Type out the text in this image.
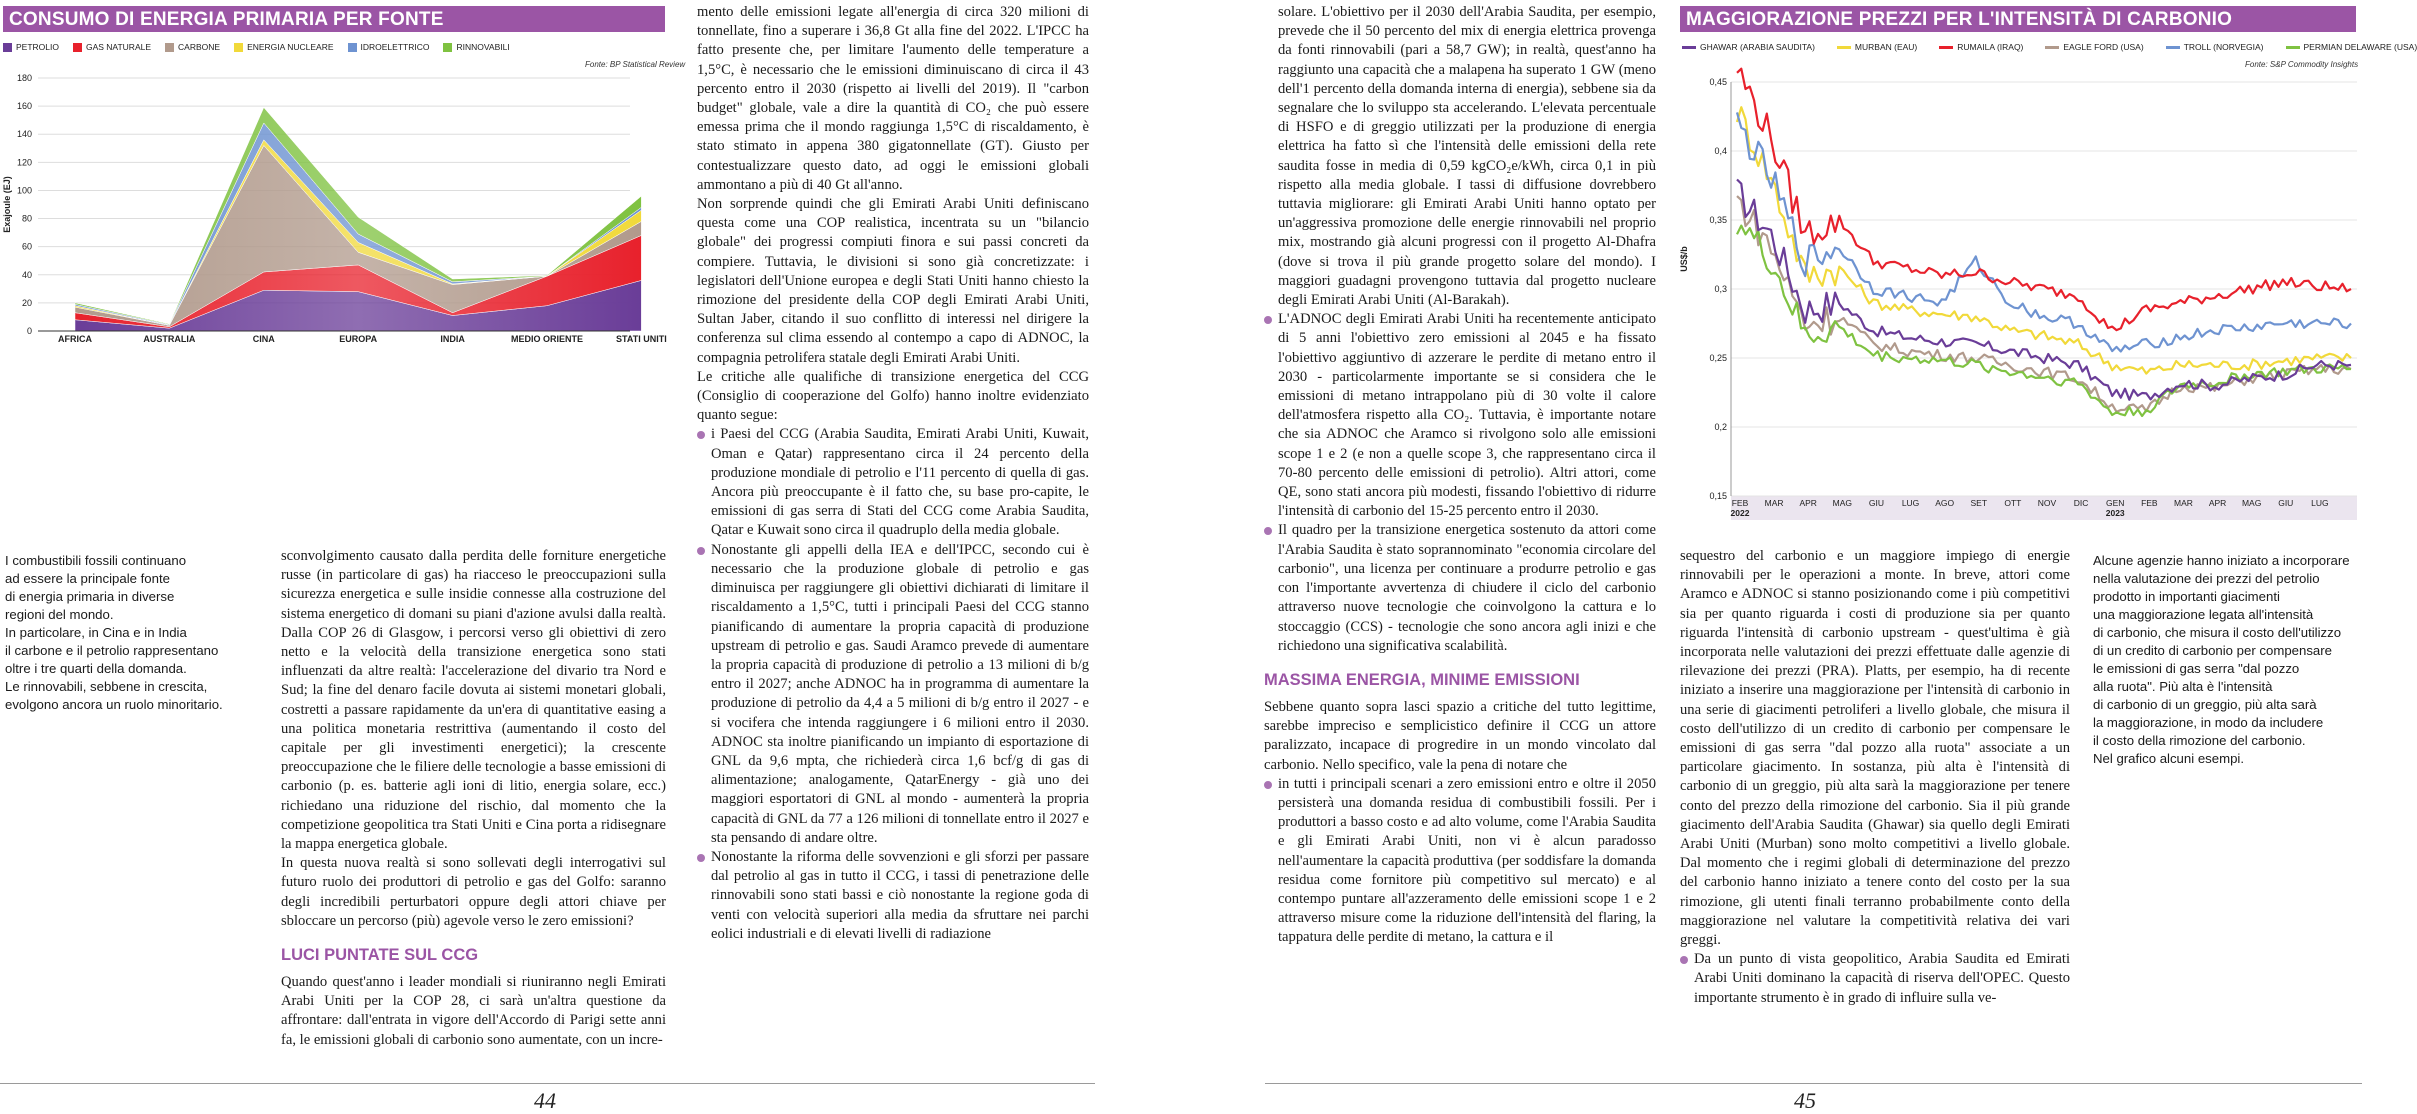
CONSUMO DI ENERGIA PRIMARIA PER FONTE
PETROLIO	GAS NATURALE	CARBONE	ENERGIA NUCLEARE	IDROELETTRICO	RINNOVABILI
Fonte: BP Statistical Review
Exajoule (EJ)
0
20
40
60
80
100
120
140
160
180
AFRICA	AUSTRALIA	CINA	EUROPA	INDIA	MEDIO ORIENTE	STATI UNITI
I combustibili fossili continuano
ad essere la principale fonte
di energia primaria in diverse
regioni del mondo.
In particolare, in Cina e in India
il carbone e il petrolio rappresentano
oltre i tre quarti della domanda.
Le rinnovabili, sebbene in crescita,
evolgono ancora un ruolo minoritario.

sconvolgimento causato dalla perdita delle forniture energetiche russe (in particolare di gas) ha riacceso le preoccupazioni sulla sicurezza energetica e sulle insidie connesse alla costruzione del sistema energetico di domani su piani d'azione avulsi dalla realtà. Dalla COP 26 di Glasgow, i percorsi verso gli obiettivi di zero netto e la velocità della transizione energetica sono stati influenzati da altre realtà: l'accelerazione del divario tra Nord e Sud; la fine del denaro facile dovuta ai sistemi monetari globali, costretti a passare rapidamente da un'era di quantitative easing a una politica monetaria restrittiva (aumentando il costo del capitale per gli investimenti energetici); la crescente preoccupazione che le filiere delle tecnologie a basse emissioni di carbonio (p. es. batterie agli ioni di litio, energia solare, ecc.) richiedano una riduzione del rischio, dal momento che la competizione geopolitica tra Stati Uniti e Cina porta a ridisegnare la mappa energetica globale.

In questa nuova realtà si sono sollevati degli interrogativi sul futuro ruolo dei produttori di petrolio e gas del Golfo: saranno degli incredibili perturbatori oppure degli attori chiave per sbloccare un percorso (più) agevole verso le zero emissioni?

LUCI PUNTATE SUL CCG

Quando quest'anno i leader mondiali si riuniranno negli Emirati Arabi Uniti per la COP 28, ci sarà un'altra questione da affrontare: dall'entrata in vigore dell'Accordo di Parigi sette anni fa, le emissioni globali di carbonio sono aumentate, con un incre-

mento delle emissioni legate all'energia di circa 320 milioni di tonnellate, fino a superare i 36,8 Gt alla fine del 2022. L'IPCC ha fatto presente che, per limitare l'aumento delle temperature a 1,5°C, è necessario che le emissioni diminuiscano di circa il 43 percento entro il 2030 (rispetto ai livelli del 2019). Il "carbon budget" globale, vale a dire la quantità di CO₂ che può essere emessa prima che il mondo raggiunga 1,5°C di riscaldamento, è stato stimato in appena 380 gigatonnellate (GT). Giusto per contestualizzare questo dato, ad oggi le emissioni globali ammontano a più di 40 Gt all'anno.

Non sorprende quindi che gli Emirati Arabi Uniti definiscano questa come una COP realistica, incentrata su un "bilancio globale" dei progressi compiuti finora e sui passi concreti da compiere. Tuttavia, le divisioni si sono già concretizzate: i legislatori dell'Unione europea e degli Stati Uniti hanno chiesto la rimozione del presidente della COP degli Emirati Arabi Uniti, Sultan Jaber, citando il suo conflitto di interessi nel dirigere la conferenza sul clima essendo al contempo a capo di ADNOC, la compagnia petrolifera statale degli Emirati Arabi Uniti.

Le critiche alle qualifiche di transizione energetica del CCG (Consiglio di cooperazione del Golfo) hanno inoltre evidenziato quanto segue:

i Paesi del CCG (Arabia Saudita, Emirati Arabi Uniti, Kuwait, Oman e Qatar) rappresentano circa il 24 percento della produzione mondiale di petrolio e l'11 percento di quella di gas. Ancora più preoccupante è il fatto che, su base pro-capite, le emissioni di gas serra di Stati del CCG come Arabia Saudita, Qatar e Kuwait sono circa il quadruplo della media globale.

Nonostante gli appelli della IEA e dell'IPCC, secondo cui è necessario che la produzione globale di petrolio e gas diminuisca per raggiungere gli obiettivi dichiarati di limitare il riscaldamento a 1,5°C, tutti i principali Paesi del CCG stanno pianificando di aumentare la propria capacità di produzione upstream di petrolio e gas. Saudi Aramco prevede di aumentare la propria capacità di produzione di petrolio a 13 milioni di b/g entro il 2027; anche ADNOC ha in programma di aumentare la produzione di petrolio da 4,4 a 5 milioni di b/g entro il 2027 - e si vocifera che intenda raggiungere i 6 milioni entro il 2030. ADNOC sta inoltre pianificando un impianto di esportazione di GNL da 9,6 mpta, che richiederà circa 1,6 bcf/g di gas di alimentazione; analogamente, QatarEnergy - già uno dei maggiori esportatori di GNL al mondo - aumenterà la propria capacità di GNL da 77 a 126 milioni di tonnellate entro il 2027 e sta pensando di andare oltre.

Nonostante la riforma delle sovvenzioni e gli sforzi per passare dal petrolio al gas in tutto il CCG, i tassi di penetrazione delle rinnovabili sono stati bassi e ciò nonostante la regione goda di venti con velocità superiori alla media da sfruttare nei parchi eolici industriali e di elevati livelli di radiazione

solare. L'obiettivo per il 2030 dell'Arabia Saudita, per esempio, prevede che il 50 percento del mix di energia elettrica provenga da fonti rinnovabili (pari a 58,7 GW); in realtà, quest'anno ha raggiunto una capacità che a malapena ha superato 1 GW (meno dell'1 percento della domanda interna di energia), sebbene sia da segnalare che lo sviluppo sta accelerando. L'elevata percentuale di HSFO e di greggio utilizzati per la produzione di energia elettrica ha fatto sì che l'intensità delle emissioni della rete saudita fosse in media di 0,59 kgCO₂e/kWh, circa 0,1 in più rispetto alla media globale. I tassi di diffusione dovrebbero tuttavia migliorare: gli Emirati Arabi Uniti hanno optato per un'aggressiva promozione delle energie rinnovabili nel proprio mix, mostrando già alcuni progressi con il progetto Al-Dhafra (dove si trova il più grande progetto solare del mondo). I maggiori guadagni provengono tuttavia dal progetto nucleare degli Emirati Arabi Uniti (Al-Barakah).

L'ADNOC degli Emirati Arabi Uniti ha recentemente anticipato di 5 anni l'obiettivo zero emissioni al 2045 e ha fissato l'obiettivo aggiuntivo di azzerare le perdite di metano entro il 2030 - particolarmente importante se si considera che le emissioni di metano intrappolano più di 30 volte il calore dell'atmosfera rispetto alla CO₂. Tuttavia, è importante notare che sia ADNOC che Aramco si rivolgono solo alle emissioni scope 1 e 2 (e non a quelle scope 3, che rappresentano circa il 70-80 percento delle emissioni di petrolio). Altri attori, come QE, sono stati ancora più modesti, fissando l'obiettivo di ridurre l'intensità di carbonio del 15-25 percento entro il 2030.

Il quadro per la transizione energetica sostenuto da attori come l'Arabia Saudita è stato soprannominato "economia circolare del carbonio", una licenza per continuare a produrre petrolio e gas con l'importante avvertenza di chiudere il ciclo del carbonio attraverso nuove tecnologie che coinvolgono la cattura e lo stoccaggio (CCS) - tecnologie che sono ancora agli inizi e che richiedono una significativa scalabilità.

MASSIMA ENERGIA, MINIME EMISSIONI

Sebbene quanto sopra lasci spazio a critiche del tutto legittime, sarebbe impreciso e semplicistico definire il CCG un attore paralizzato, incapace di progredire in un mondo vincolato dal carbonio. Nello specifico, vale la pena di notare che

in tutti i principali scenari a zero emissioni entro e oltre il 2050 persisterà una domanda residua di combustibili fossili. Per i produttori a basso costo e ad alto volume, come l'Arabia Saudita e gli Emirati Arabi Uniti, non vi è alcun paradosso nell'aumentare la capacità produttiva (per soddisfare la domanda residua come fornitore più competitivo sul mercato) e al contempo puntare all'azzeramento delle emissioni scope 1 e 2 attraverso misure come la riduzione dell'intensità del flaring, la tappatura delle perdite di metano, la cattura e il

MAGGIORAZIONE PREZZI PER L'INTENSITÀ DI CARBONIO
GHAWAR (ARABIA SAUDITA)	MURBAN (EAU)	RUMAILA (IRAQ)	EAGLE FORD (USA)	TROLL (NORVEGIA)	PERMIAN DELAWARE (USA)
Fonte: S&P Commodity Insights
US$/b
0,15
0,2
0,25
0,3
0,35
0,4
0,45
FEB MAR APR MAG GIU LUG AGO SET OTT NOV DIC GEN FEB MAR APR MAG GIU LUG
2022	2023

sequestro del carbonio e un maggiore impiego di energie rinnovabili per le operazioni a monte. In breve, attori come Aramco e ADNOC si stanno posizionando come i più competitivi sia per quanto riguarda i costi di produzione sia per quanto riguarda l'intensità di carbonio upstream - quest'ultima è già incorporata nelle valutazioni dei prezzi effettuate dalle agenzie di rilevazione dei prezzi (PRA). Platts, per esempio, ha di recente iniziato a inserire una maggiorazione per l'intensità di carbonio in una serie di giacimenti petroliferi a livello globale, che misura il costo dell'utilizzo di un credito di carbonio per compensare le emissioni di gas serra "dal pozzo alla ruota" associate a un particolare giacimento. In sostanza, più alta è l'intensità di carbonio di un greggio, più alta sarà la maggiorazione per tenere conto del prezzo della rimozione del carbonio. Sia il più grande giacimento dell'Arabia Saudita (Ghawar) sia quello degli Emirati Arabi Uniti (Murban) sono molto competitivi a livello globale. Dal momento che i regimi globali di determinazione del prezzo del carbonio hanno iniziato a tenere conto del costo per la sua rimozione, gli utenti finali terranno probabilmente conto della maggiorazione nel valutare la competitività relativa dei vari greggi.

Da un punto di vista geopolitico, Arabia Saudita ed Emirati Arabi Uniti dominano la capacità di riserva dell'OPEC. Questo importante strumento è in grado di influire sulla ve-

Alcune agenzie hanno iniziato a incorporare
nella valutazione dei prezzi del petrolio
prodotto in importanti giacimenti
una maggiorazione legata all'intensità
di carbonio, che misura il costo dell'utilizzo
di un credito di carbonio per compensare
le emissioni di gas serra "dal pozzo
alla ruota". Più alta è l'intensità
di carbonio di un greggio, più alta sarà
la maggiorazione, in modo da includere
il costo della rimozione del carbonio.
Nel grafico alcuni esempi.
44	45
